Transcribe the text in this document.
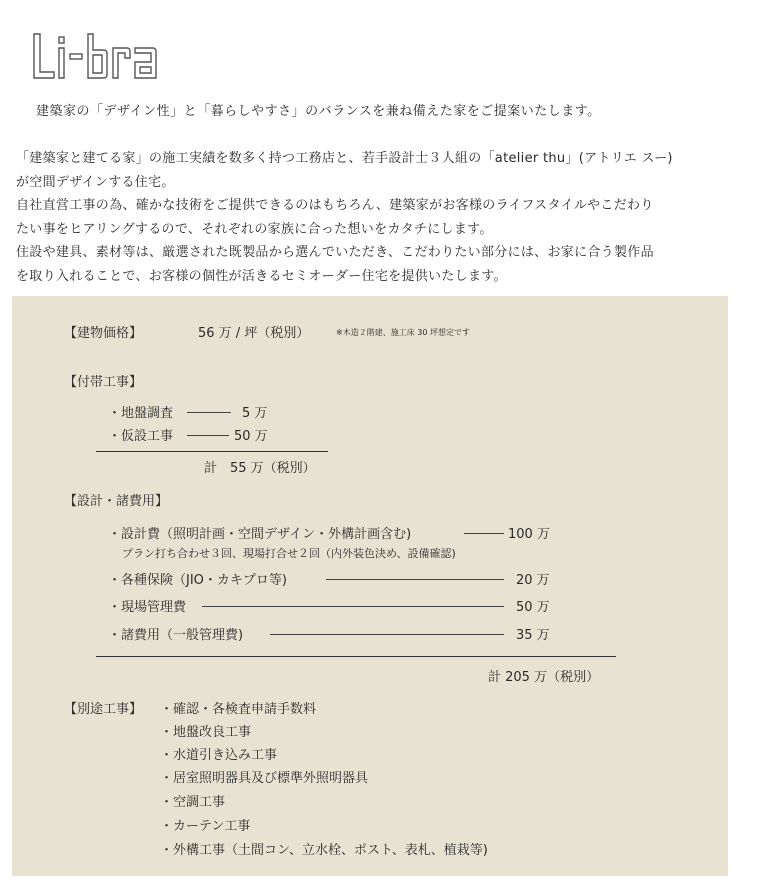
建築家の「デザイン性」と「暮らしやすさ」のバランスを兼ね備えた家をご提案いたします。

「建築家と建てる家」の施工実績を数多く持つ工務店と、若手設計士３人組の「atelier thu」(アトリエ スー)

が空間デザインする住宅。

自社直営工事の為、確かな技術をご提供できるのはもちろん、建築家がお客様のライフスタイルやこだわり

たい事をヒアリングするので、それぞれの家族に合った想いをカタチにします。

住設や建具、素材等は、厳選された既製品から選んでいただき、こだわりたい部分には、お家に合う製作品

を取り入れることで、お客様の個性が活きるセミオーダー住宅を提供いたします。

【建物価格】	56 万 / 坪（税別）	※木造２階建、施工床 30 坪想定です
【付帯工事】
・地盤調査	5 万
・仮設工事	50 万
計　55 万（税別）
【設計・諸費用】
・設計費（照明計画・空間デザイン・外構計画含む)	100 万
プラン打ち合わせ３回、現場打合せ２回（内外装色決め、設備確認)
・各種保険（JIO・カキプロ等)	20 万
・現場管理費	50 万
・諸費用（一般管理費)	35 万
計 205 万（税別）
【別途工事】 ・確認・各検査申請手数料
・地盤改良工事
・水道引き込み工事
・居室照明器具及び標準外照明器具
・空調工事
・カーテン工事
・外構工事（土間コン、立水栓、ポスト、表札、植栽等)
